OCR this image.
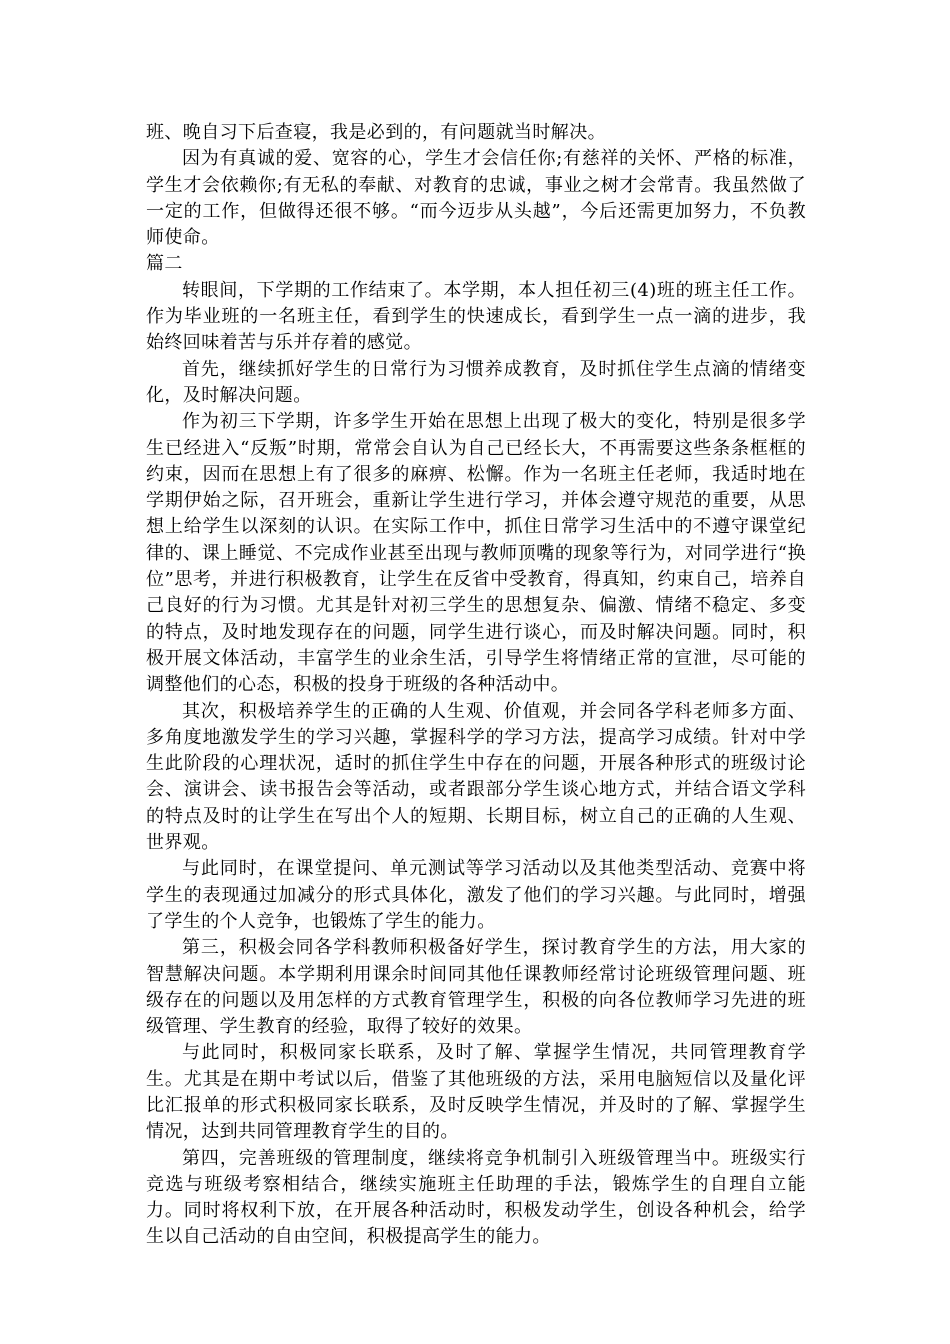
班、晚自习下后查寝，我是必到的，有问题就当时解决。

因为有真诚的爱、宽容的心，学生才会信任你;有慈祥的关怀、严格的标准，学生才会依赖你;有无私的奉献、对教育的忠诚，事业之树才会常青。我虽然做了一定的工作，但做得还很不够。“而今迈步从头越”，今后还需更加努力，不负教师使命。

篇二

转眼间，下学期的工作结束了。本学期，本人担任初三(4)班的班主任工作。作为毕业班的一名班主任，看到学生的快速成长，看到学生一点一滴的进步，我始终回味着苦与乐并存着的感觉。

首先，继续抓好学生的日常行为习惯养成教育，及时抓住学生点滴的情绪变化，及时解决问题。

作为初三下学期，许多学生开始在思想上出现了极大的变化，特别是很多学生已经进入“反叛”时期，常常会自认为自己已经长大，不再需要这些条条框框的约束，因而在思想上有了很多的麻痹、松懈。作为一名班主任老师，我适时地在学期伊始之际，召开班会，重新让学生进行学习，并体会遵守规范的重要，从思想上给学生以深刻的认识。在实际工作中，抓住日常学习生活中的不遵守课堂纪律的、课上睡觉、不完成作业甚至出现与教师顶嘴的现象等行为，对同学进行“换位”思考，并进行积极教育，让学生在反省中受教育，得真知，约束自己，培养自己良好的行为习惯。尤其是针对初三学生的思想复杂、偏激、情绪不稳定、多变的特点，及时地发现存在的问题，同学生进行谈心，而及时解决问题。同时，积极开展文体活动，丰富学生的业余生活，引导学生将情绪正常的宣泄，尽可能的调整他们的心态，积极的投身于班级的各种活动中。

其次，积极培养学生的正确的人生观、价值观，并会同各学科老师多方面、多角度地激发学生的学习兴趣，掌握科学的学习方法，提高学习成绩。针对中学生此阶段的心理状况，适时的抓住学生中存在的问题，开展各种形式的班级讨论会、演讲会、读书报告会等活动，或者跟部分学生谈心地方式，并结合语文学科的特点及时的让学生在写出个人的短期、长期目标，树立自己的正确的人生观、世界观。

与此同时，在课堂提问、单元测试等学习活动以及其他类型活动、竞赛中将学生的表现通过加减分的形式具体化，激发了他们的学习兴趣。与此同时，增强了学生的个人竞争，也锻炼了学生的能力。

第三，积极会同各学科教师积极备好学生，探讨教育学生的方法，用大家的智慧解决问题。本学期利用课余时间同其他任课教师经常讨论班级管理问题、班级存在的问题以及用怎样的方式教育管理学生，积极的向各位教师学习先进的班级管理、学生教育的经验，取得了较好的效果。

与此同时，积极同家长联系，及时了解、掌握学生情况，共同管理教育学生。尤其是在期中考试以后，借鉴了其他班级的方法，采用电脑短信以及量化评比汇报单的形式积极同家长联系，及时反映学生情况，并及时的了解、掌握学生情况，达到共同管理教育学生的目的。

第四，完善班级的管理制度，继续将竞争机制引入班级管理当中。班级实行竞选与班级考察相结合，继续实施班主任助理的手法，锻炼学生的自理自立能力。同时将权利下放，在开展各种活动时，积极发动学生，创设各种机会，给学生以自己活动的自由空间，积极提高学生的能力。
